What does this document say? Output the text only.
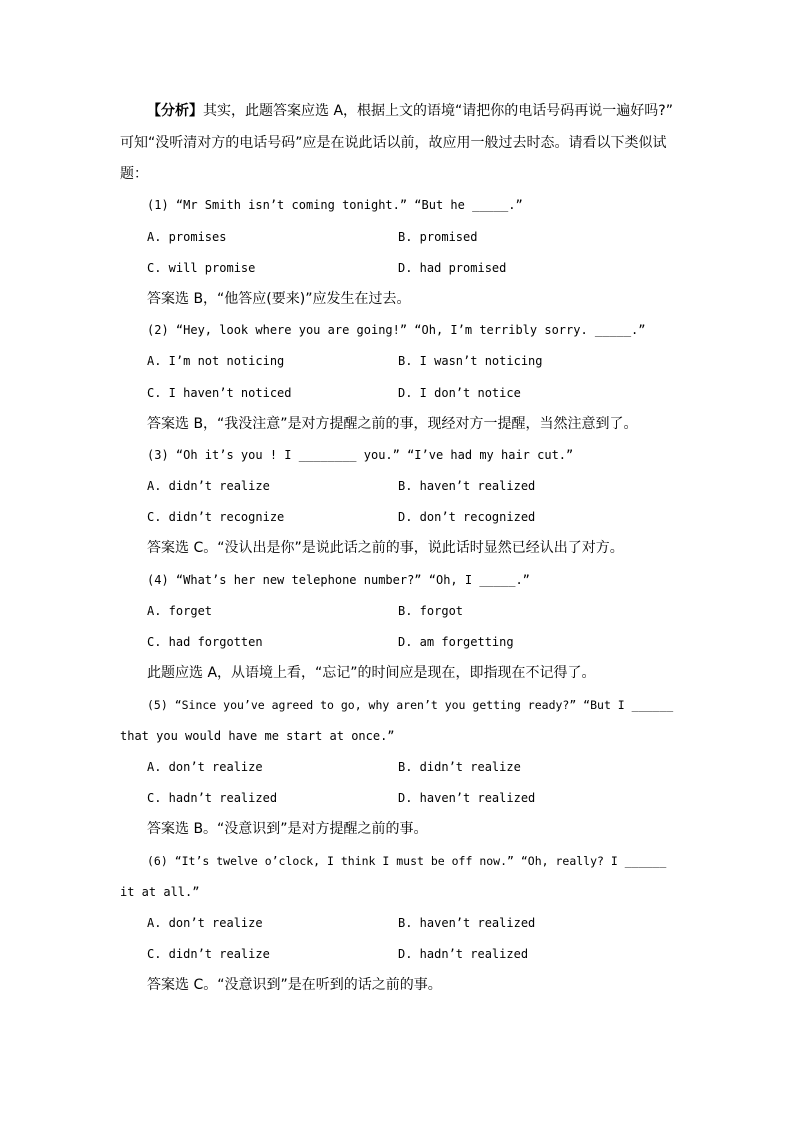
【分析】其实，此题答案应选 A，根据上文的语境“请把你的电话号码再说一遍好吗?”
可知“没听清对方的电话号码”应是在说此话以前，故应用一般过去时态。请看以下类似试
题：
(1) “Mr Smith isn’t coming tonight.” “But he _____.”
A. promises	B. promised
C. will promise	D. had promised
答案选 B，“他答应(要来)”应发生在过去。
(2) “Hey, look where you are going!” “Oh, I’m terribly sorry. _____.”
A. I’m not noticing	B. I wasn’t noticing
C. I haven’t noticed	D. I don’t notice
答案选 B，“我没注意”是对方提醒之前的事，现经对方一提醒，当然注意到了。
(3) “Oh it’s you ! I ________ you.” “I’ve had my hair cut.”
A. didn’t realize	B. haven’t realized
C. didn’t recognize	D. don’t recognized
答案选 C。“没认出是你”是说此话之前的事，说此话时显然已经认出了对方。
(4) “What’s her new telephone number?” “Oh, I _____.”
A. forget	B. forgot
C. had forgotten	D. am forgetting
此题应选 A，从语境上看，“忘记”的时间应是现在，即指现在不记得了。
(5) “Since you’ve agreed to go, why aren’t you getting ready?” “But I ______
that you would have me start at once.”
A. don’t realize	B. didn’t realize
C. hadn’t realized	D. haven’t realized
答案选 B。“没意识到”是对方提醒之前的事。
(6) “It’s twelve o’clock, I think I must be off now.” “Oh, really? I ______
it at all.”
A. don’t realize	B. haven’t realized
C. didn’t realize	D. hadn’t realized
答案选 C。“没意识到”是在听到的话之前的事。
